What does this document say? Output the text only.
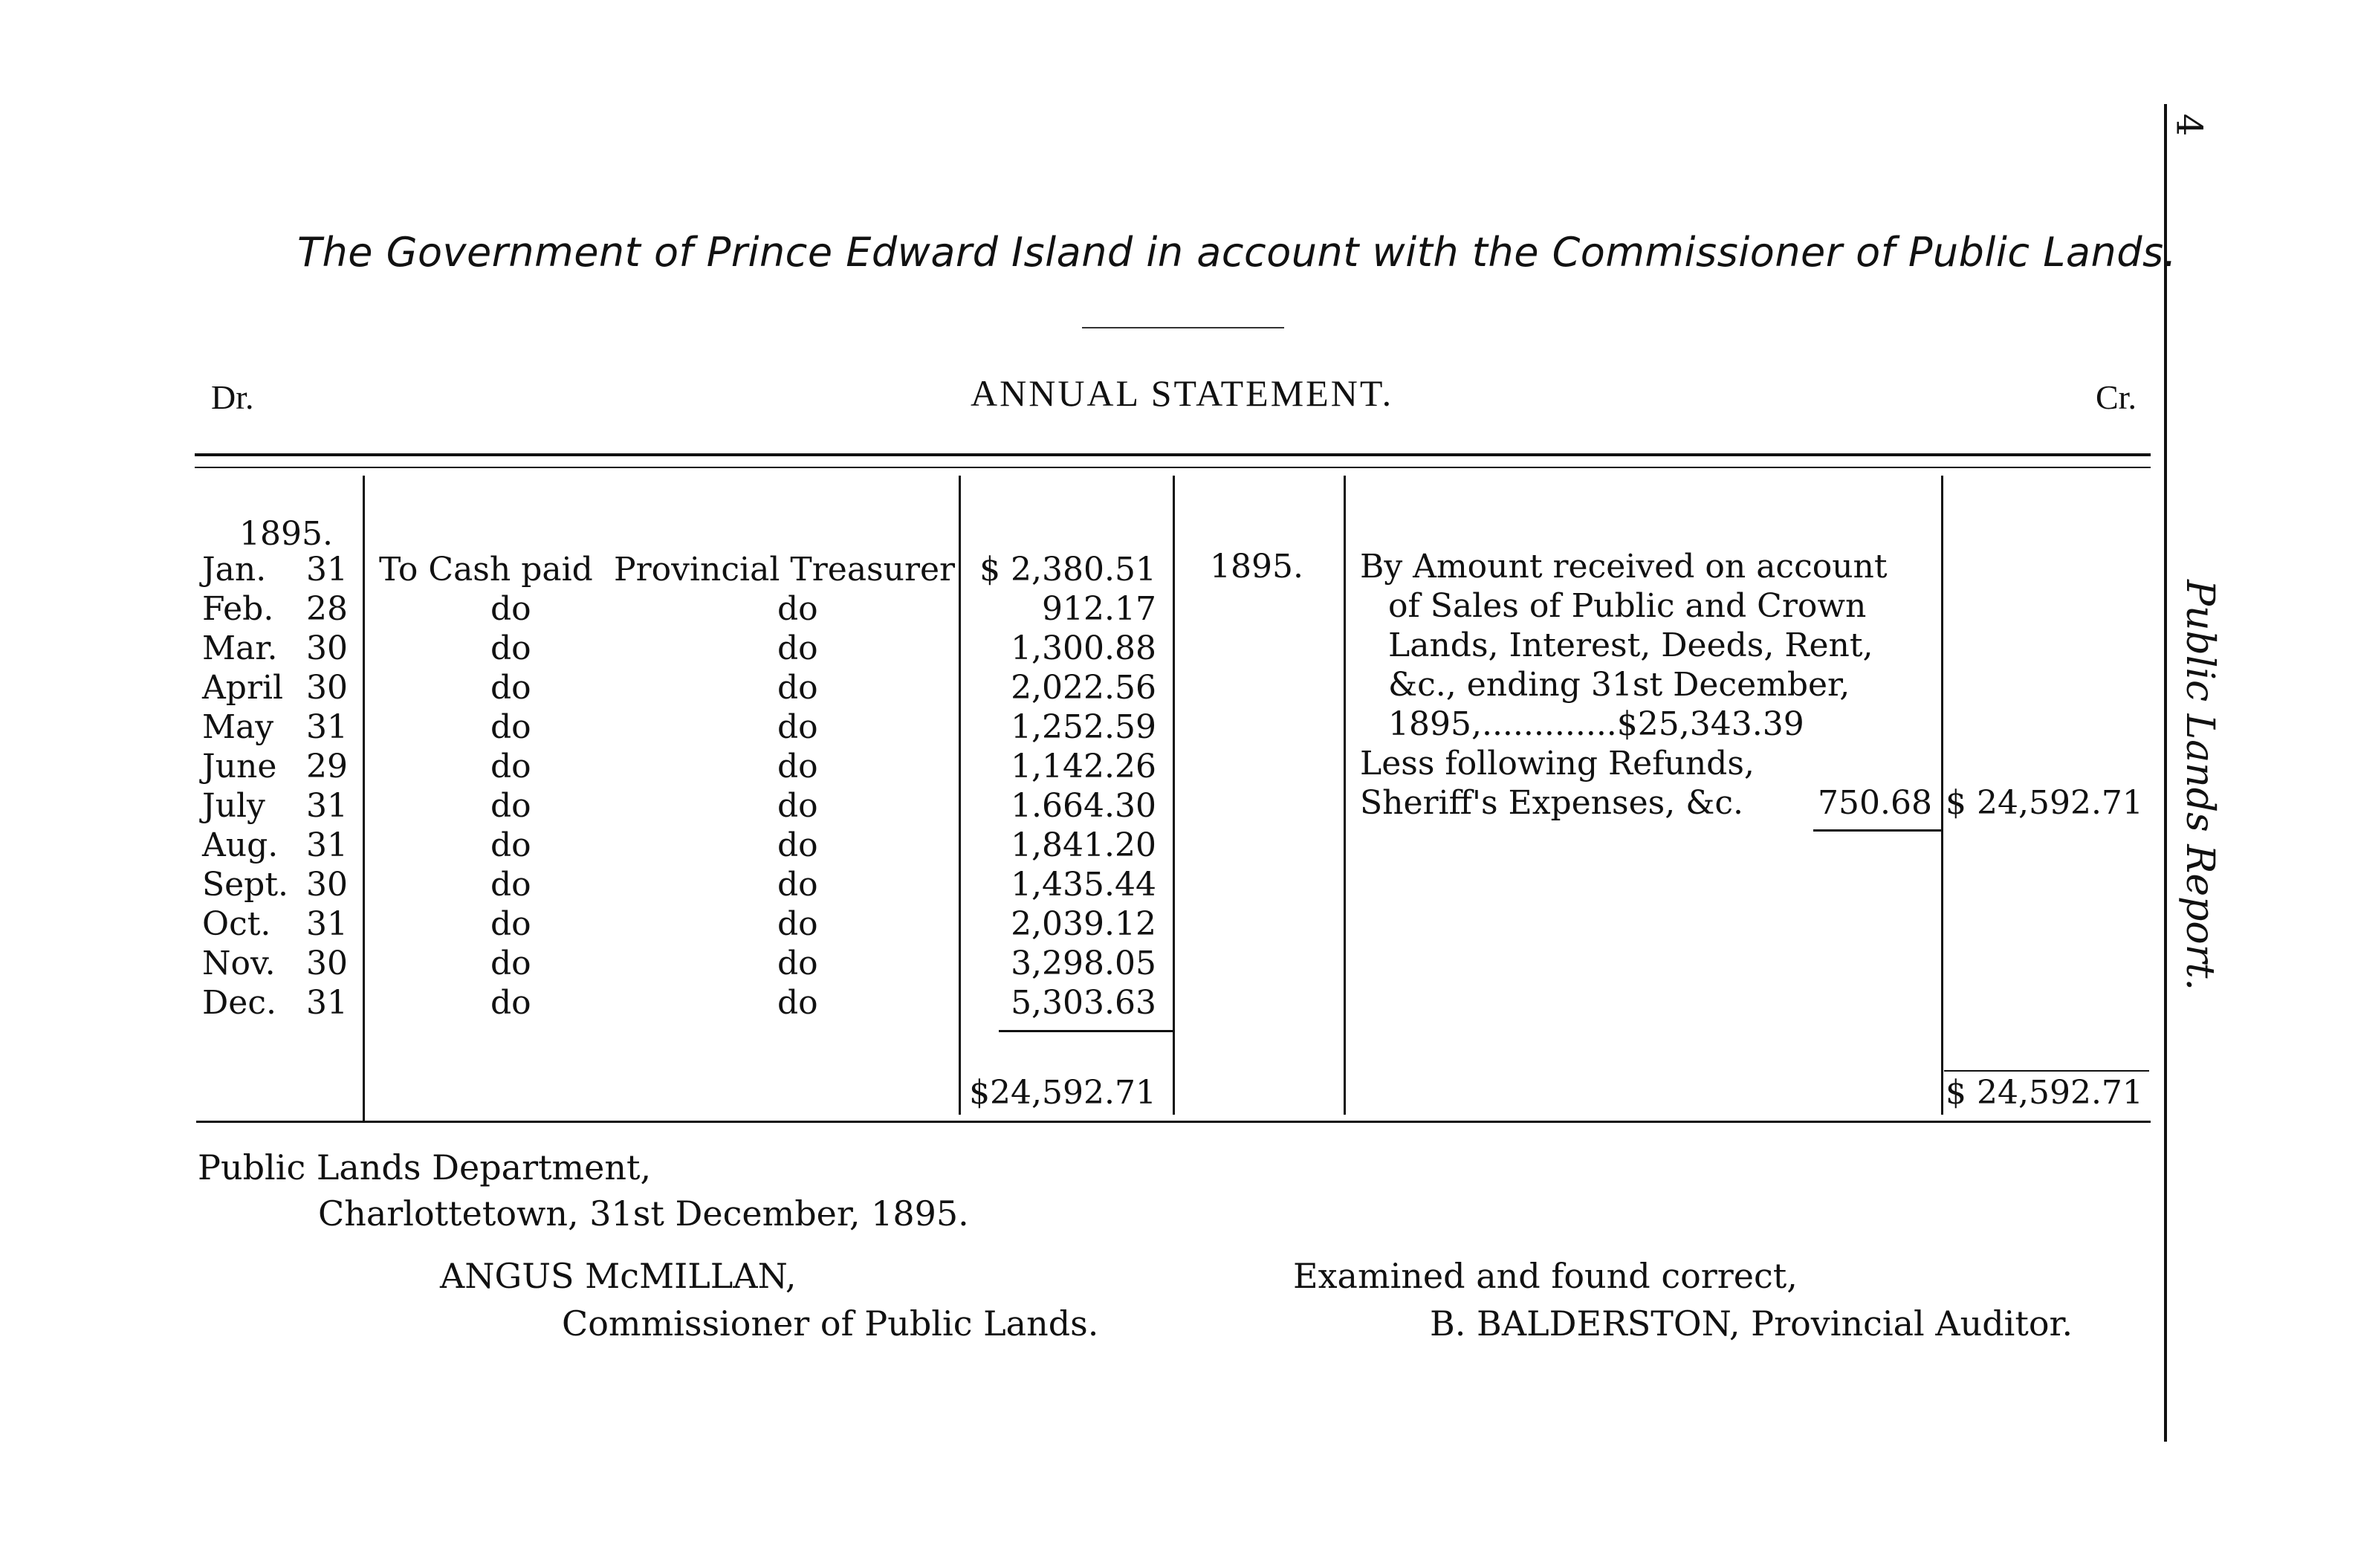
The Government of Prince Edward Island in account with the Commissioner of Public Lands.
Dr.	ANNUAL STATEMENT.	Cr.
1895.
Jan. 31 To Cash paid Provincial Treasurer $ 2,380.51
Feb. 28	do	do	912.17
Mar. 30	do	do	1,300.88
April 30	do	do	2,022.56
May 31	do	do	1,252.59
June 29	do	do	1,142.26
July 31	do	do	1.664.30
Aug. 31	do	do	1,841.20
Sept. 30	do	do	1,435.44
Oct. 31	do	do	2,039.12
Nov. 30	do	do	3,298.05
Dec. 31	do	do	5,303.63
$24,592.71
1895. By Amount received on account
of Sales of Public and Crown
Lands, Interest, Deeds, Rent,
&c., ending 31st December,
1895,.............$25,343.39
Less following Refunds,
Sheriff's Expenses, &c. 750.68 $ 24,592.71
$ 24,592.71
Public Lands Department,
Charlottetown, 31st December, 1895.
ANGUS McMILLAN,
Commissioner of Public Lands.
Examined and found correct,
B. BALDERSTON, Provincial Auditor.
4
Public Lands Report.
